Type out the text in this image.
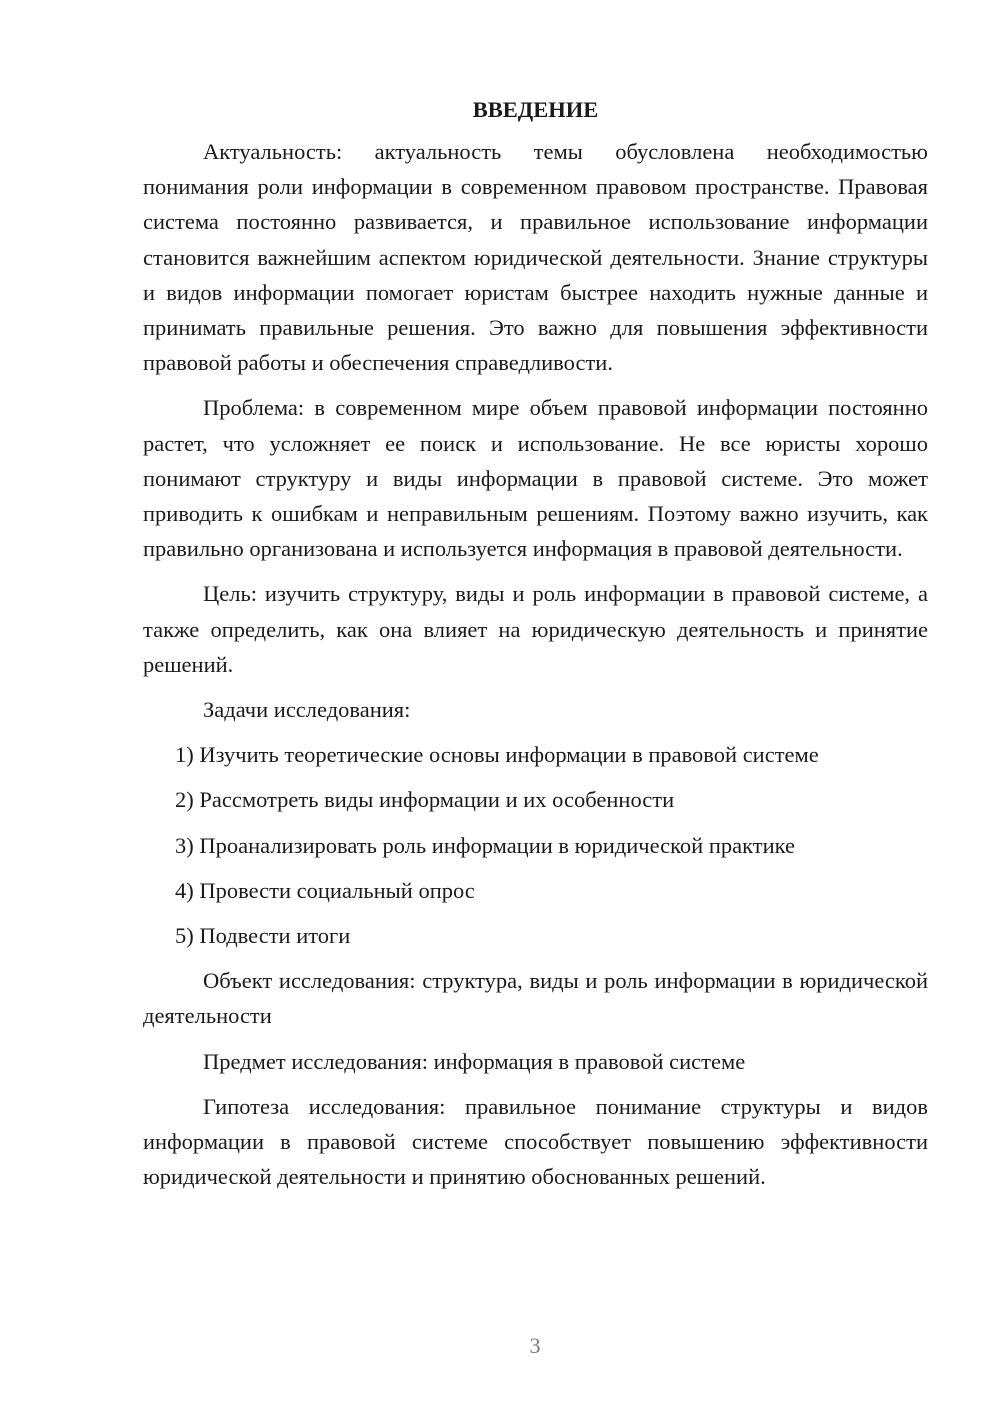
ВВЕДЕНИЕ

Актуальность: актуальность темы обусловлена необходимостью понимания роли информации в современном правовом пространстве. Правовая система постоянно развивается, и правильное использование информации становится важнейшим аспектом юридической деятельности. Знание структуры и видов информации помогает юристам быстрее находить нужные данные и принимать правильные решения. Это важно для повышения эффективности правовой работы и обеспечения справедливости.

Проблема: в современном мире объем правовой информации постоянно растет, что усложняет ее поиск и использование. Не все юристы хорошо понимают структуру и виды информации в правовой системе. Это может приводить к ошибкам и неправильным решениям. Поэтому важно изучить, как правильно организована и используется информация в правовой деятельности.

Цель: изучить структуру, виды и роль информации в правовой системе, а также определить, как она влияет на юридическую деятельность и принятие решений.

Задачи исследования:

1) Изучить теоретические основы информации в правовой системе
2) Рассмотреть виды информации и их особенности
3) Проанализировать роль информации в юридической практике
4) Провести социальный опрос
5) Подвести итоги

Объект исследования: структура, виды и роль информации в юридической деятельности

Предмет исследования: информация в правовой системе

Гипотеза исследования: правильное понимание структуры и видов информации в правовой системе способствует повышению эффективности юридической деятельности и принятию обоснованных решений.

3
